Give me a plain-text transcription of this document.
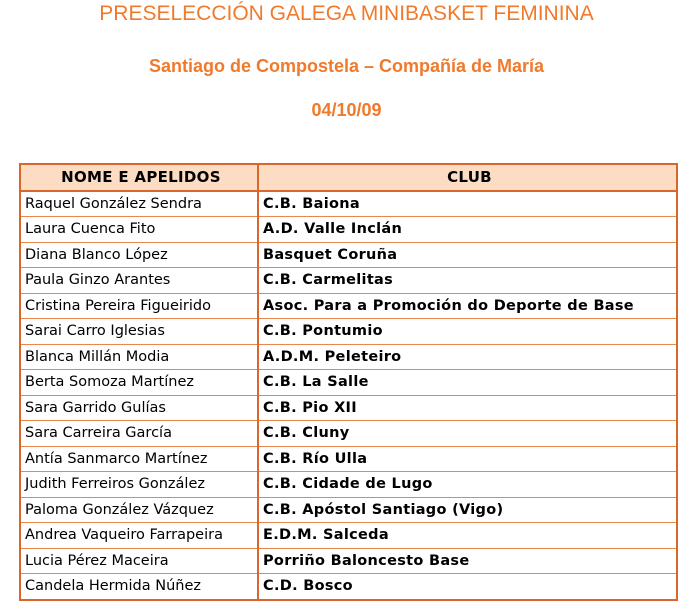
PRESELECCIÓN GALEGA MINIBASKET FEMININA
Santiago de Compostela – Compañía de María
04/10/09
NOME E APELIDOS	CLUB
Raquel González Sendra	C.B. Baiona
Laura Cuenca Fito	A.D. Valle Inclán
Diana Blanco López	Basquet Coruña
Paula Ginzo Arantes	C.B. Carmelitas
Cristina Pereira Figueirido	Asoc. Para a Promoción do Deporte de Base
Sarai Carro Iglesias	C.B. Pontumio
Blanca Millán Modia	A.D.M. Peleteiro
Berta Somoza Martínez	C.B. La Salle
Sara Garrido Gulías	C.B. Pio XII
Sara Carreira García	C.B. Cluny
Antía Sanmarco Martínez	C.B. Río Ulla
Judith Ferreiros González	C.B. Cidade de Lugo
Paloma González Vázquez	C.B. Apóstol Santiago (Vigo)
Andrea Vaqueiro Farrapeira	E.D.M. Salceda
Lucia Pérez Maceira	Porriño Baloncesto Base
Candela Hermida Núñez	C.D. Bosco
